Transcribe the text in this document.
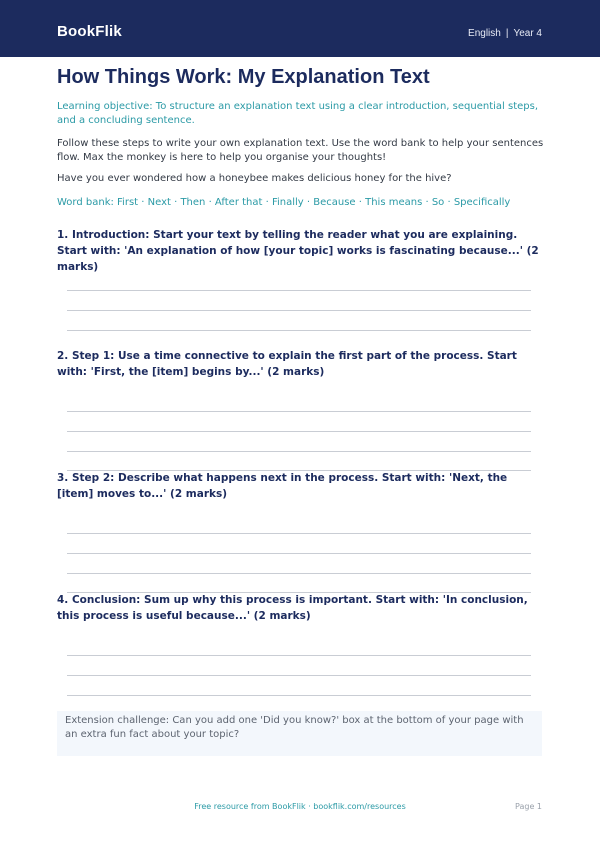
BookFlik	English | Year 4
How Things Work: My Explanation Text

Learning objective: To structure an explanation text using a clear introduction, sequential steps, and a concluding sentence.

Follow these steps to write your own explanation text. Use the word bank to help your sentences flow. Max the monkey is here to help you organise your thoughts!

Have you ever wondered how a honeybee makes delicious honey for the hive?

Word bank: First · Next · Then · After that · Finally · Because · This means · So · Specifically

1. Introduction: Start your text by telling the reader what you are explaining. Start with: 'An explanation of how [your topic] works is fascinating because...' (2 marks)

2. Step 1: Use a time connective to explain the first part of the process. Start with: 'First, the [item] begins by...' (2 marks)

3. Step 2: Describe what happens next in the process. Start with: 'Next, the [item] moves to...' (2 marks)

4. Conclusion: Sum up why this process is important. Start with: 'In conclusion, this process is useful because...' (2 marks)

Extension challenge: Can you add one 'Did you know?' box at the bottom of your page with an extra fun fact about your topic?

Free resource from BookFlik · bookflik.com/resources	Page 1
